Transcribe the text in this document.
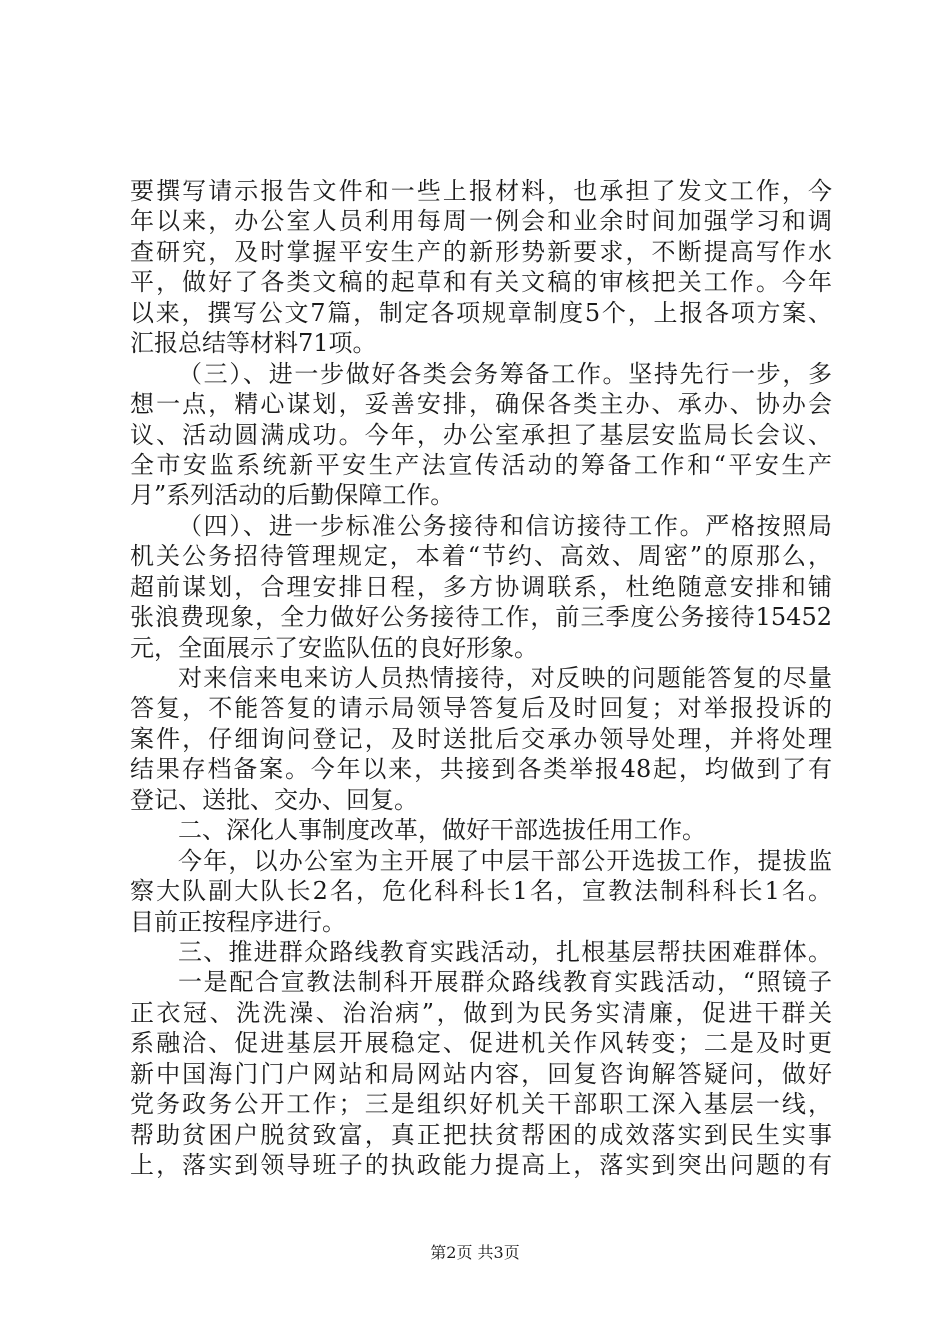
要撰写请示报告文件和一些上报材料，也承担了发文工作，今
年以来，办公室人员利用每周一例会和业余时间加强学习和调
查研究，及时掌握平安生产的新形势新要求，不断提高写作水
平，做好了各类文稿的起草和有关文稿的审核把关工作。今年
以来，撰写公文7篇，制定各项规章制度5个，上报各项方案、
汇报总结等材料71项。
（三）、进一步做好各类会务筹备工作。坚持先行一步，多
想一点，精心谋划，妥善安排，确保各类主办、承办、协办会
议、活动圆满成功。今年，办公室承担了基层安监局长会议、
全市安监系统新平安生产法宣传活动的筹备工作和“平安生产
月”系列活动的后勤保障工作。
（四）、进一步标准公务接待和信访接待工作。严格按照局
机关公务招待管理规定，本着“节约、高效、周密”的原那么，
超前谋划，合理安排日程，多方协调联系，杜绝随意安排和铺
张浪费现象，全力做好公务接待工作，前三季度公务接待15452
元，全面展示了安监队伍的良好形象。
对来信来电来访人员热情接待，对反映的问题能答复的尽量
答复，不能答复的请示局领导答复后及时回复；对举报投诉的
案件，仔细询问登记，及时送批后交承办领导处理，并将处理
结果存档备案。今年以来，共接到各类举报48起，均做到了有
登记、送批、交办、回复。
二、深化人事制度改革，做好干部选拔任用工作。
今年，以办公室为主开展了中层干部公开选拔工作，提拔监
察大队副大队长2名，危化科科长1名，宣教法制科科长1名。
目前正按程序进行。
三、推进群众路线教育实践活动，扎根基层帮扶困难群体。
一是配合宣教法制科开展群众路线教育实践活动，“照镜子
正衣冠、洗洗澡、治治病”，做到为民务实清廉，促进干群关
系融洽、促进基层开展稳定、促进机关作风转变；二是及时更
新中国海门门户网站和局网站内容，回复咨询解答疑问，做好
党务政务公开工作；三是组织好机关干部职工深入基层一线，
帮助贫困户脱贫致富，真正把扶贫帮困的成效落实到民生实事
上，落实到领导班子的执政能力提高上，落实到突出问题的有
第2页 共3页
